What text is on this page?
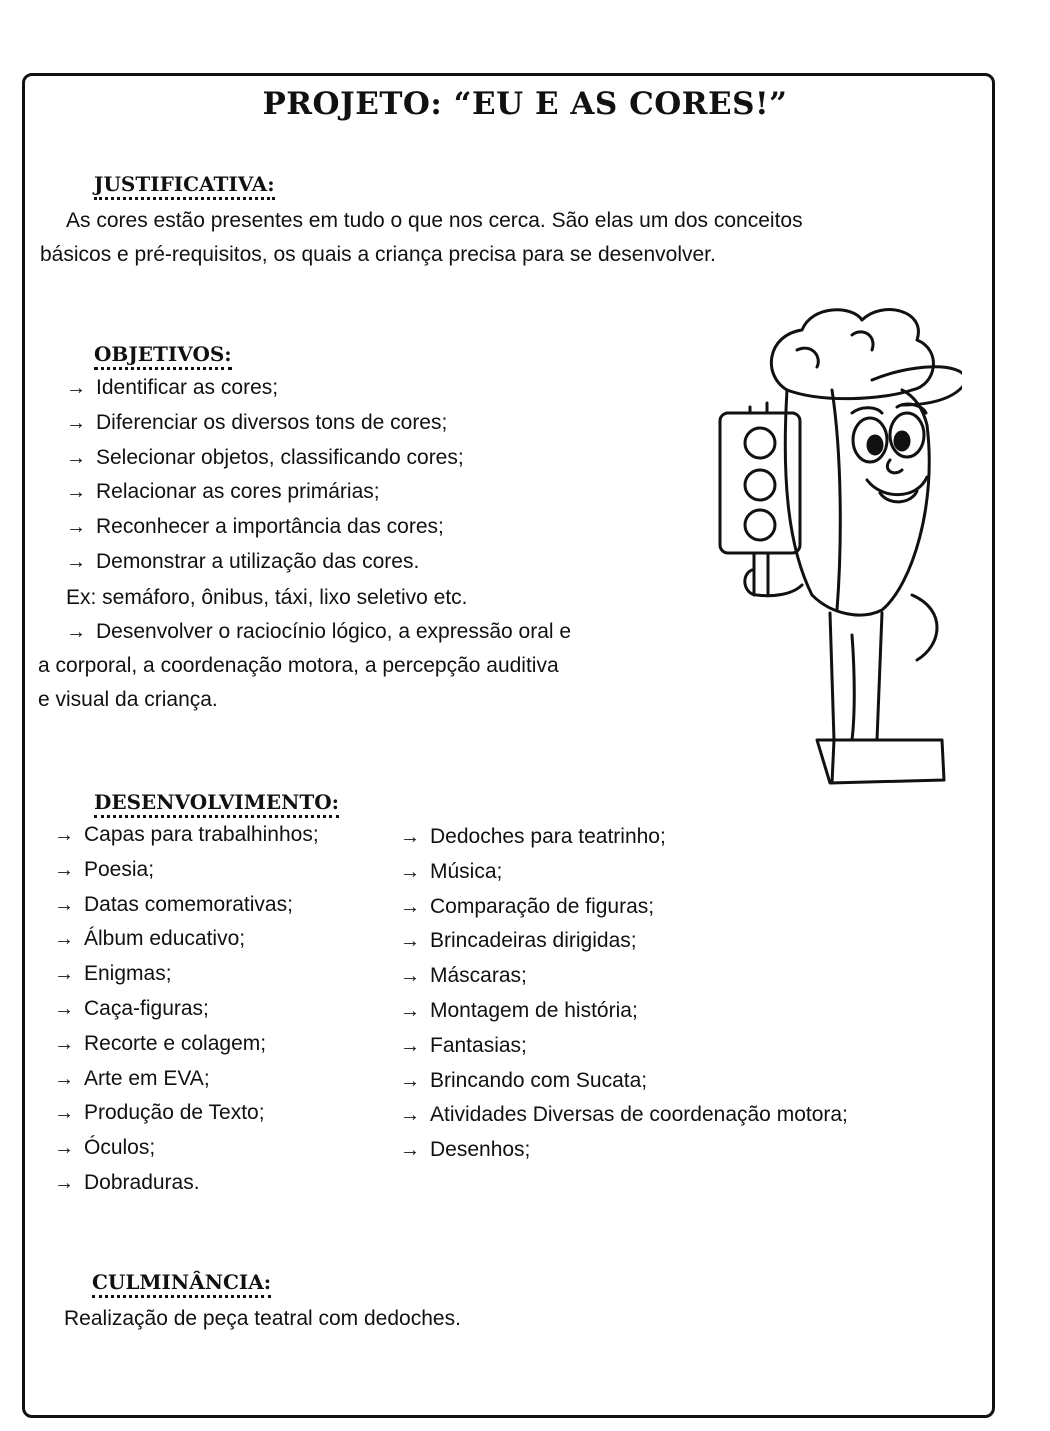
PROJETO: “EU E AS CORES!”
JUSTIFICATIVA:
As cores estão presentes em tudo o que nos cerca. São elas um dos conceitos
básicos e pré-requisitos, os quais a criança precisa para se desenvolver.
OBJETIVOS:
→ Identificar as cores;
→ Diferenciar os diversos tons de cores;
→ Selecionar objetos, classificando cores;
→ Relacionar as cores primárias;
→ Reconhecer a importância das cores;
→ Demonstrar a utilização das cores.
Ex: semáforo, ônibus, táxi, lixo seletivo etc.
→ Desenvolver o raciocínio lógico, a expressão oral e
a corporal, a coordenação motora, a percepção auditiva
e visual da criança.
DESENVOLVIMENTO:
→ Capas para trabalhinhos;
→ Poesia;
→ Datas comemorativas;
→ Álbum educativo;
→ Enigmas;
→ Caça-figuras;
→ Recorte e colagem;
→ Arte em EVA;
→ Produção de Texto;
→ Óculos;
→ Dobraduras.
→ Dedoches para teatrinho;
→ Música;
→ Comparação de figuras;
→ Brincadeiras dirigidas;
→ Máscaras;
→ Montagem de história;
→ Fantasias;
→ Brincando com Sucata;
→ Atividades Diversas de coordenação motora;
→ Desenhos;
CULMINÂNCIA:
Realização de peça teatral com dedoches.
